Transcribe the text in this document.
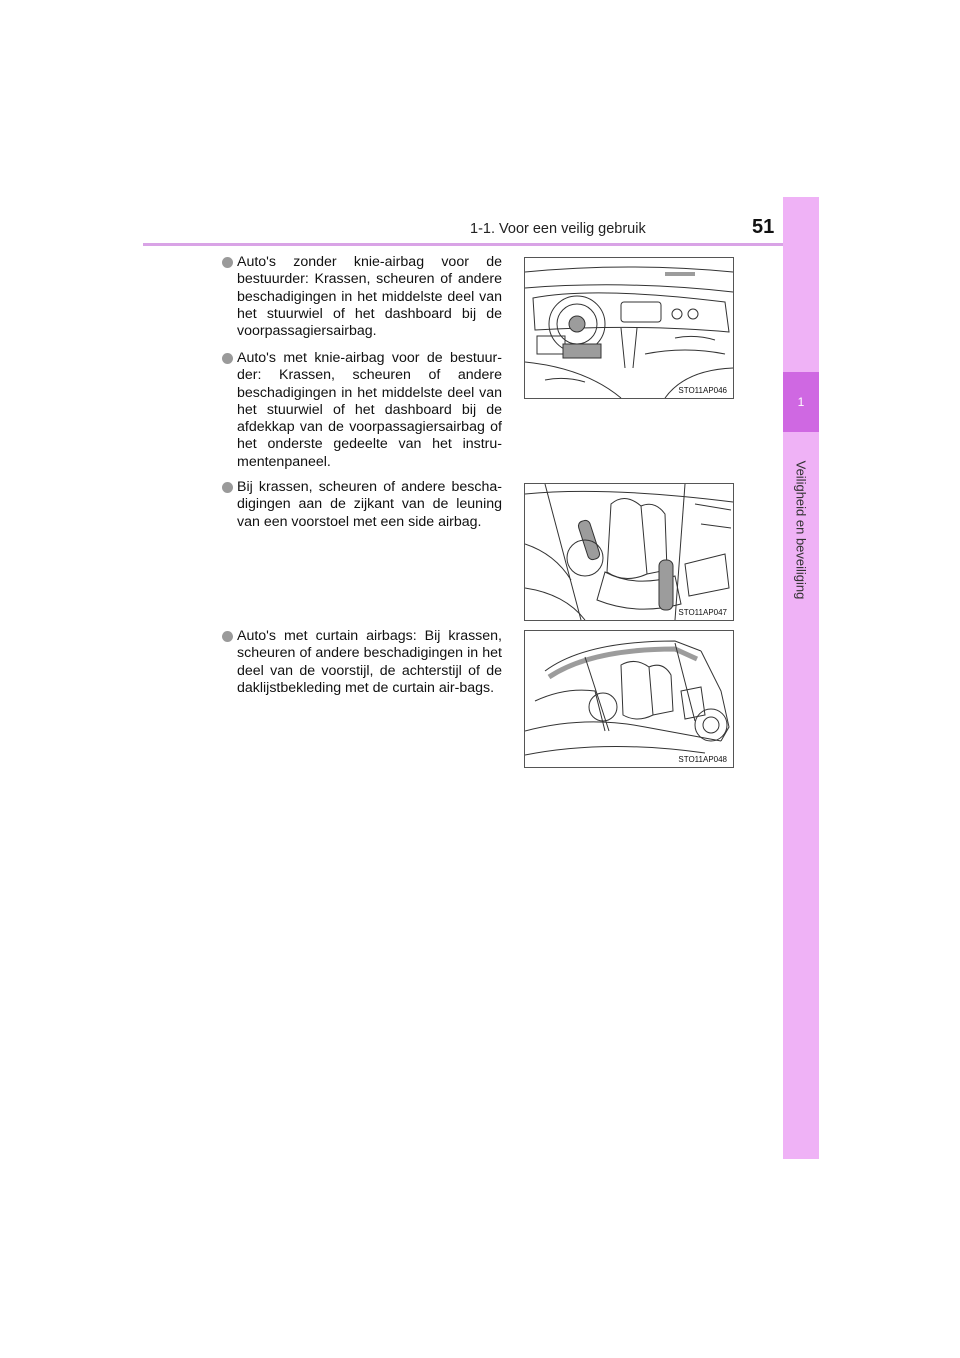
1-1. Voor een veilig gebruik	51
1
Veiligheid en beveiliging
Auto's zonder knie-airbag voor de bestuurder: Krassen, scheuren of andere beschadigingen in het middelste deel van het stuurwiel of het dashboard bij de voorpassagiersairbag.
Auto's met knie-airbag voor de bestuur-der: Krassen, scheuren of andere beschadigingen in het middelste deel van het stuurwiel of het dashboard bij de afdekkap van de voorpassagiersairbag of het onderste gedeelte van het instru-mentenpaneel.
Bij krassen, scheuren of andere bescha-digingen aan de zijkant van de leuning van een voorstoel met een side airbag.
Auto's met curtain airbags: Bij krassen, scheuren of andere beschadigingen in het deel van de voorstijl, de achterstijl of de daklijstbekleding met de curtain air-bags.
STO11AP046
STO11AP047
STO11AP048
